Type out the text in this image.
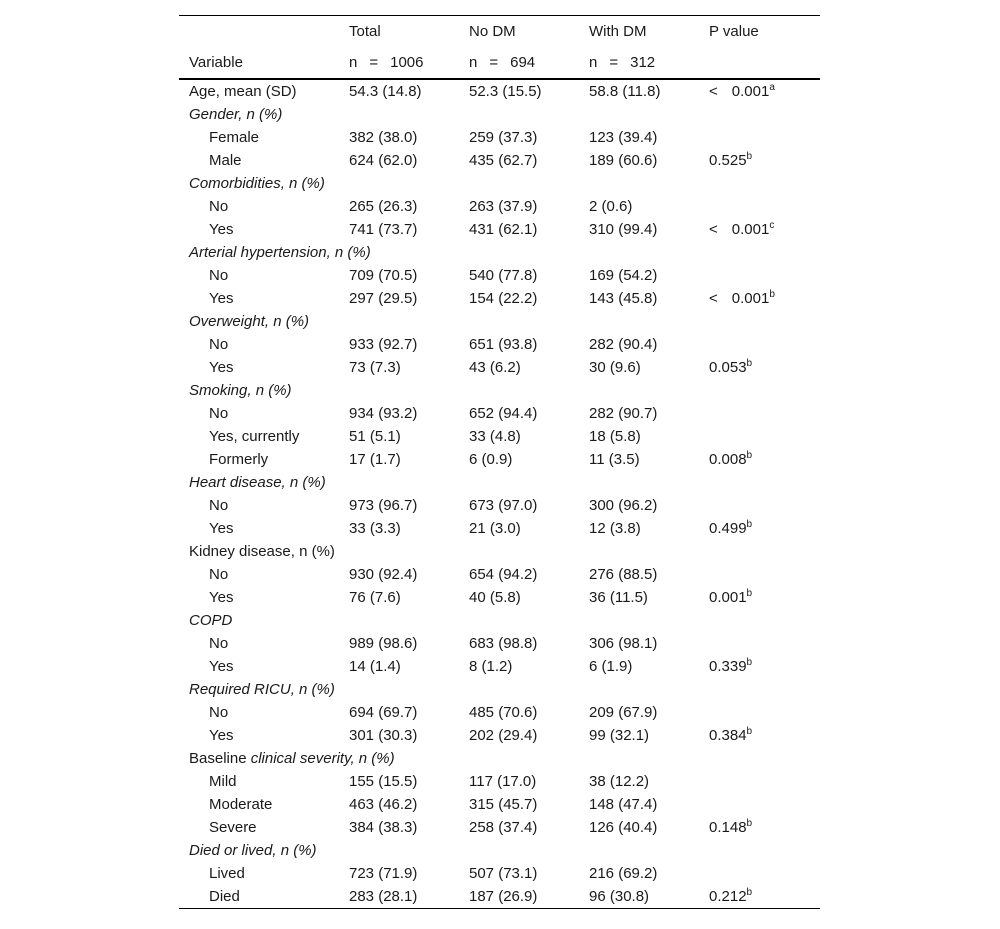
	Total	No DM	With DM	P value
Variable	n = 1006	n = 694	n = 312	
Age, mean (SD)	54.3 (14.8)	52.3 (15.5)	58.8 (11.8)	< 0.001$^a$
Gender, n (%)				
Female	382 (38.0)	259 (37.3)	123 (39.4)	
Male	624 (62.0)	435 (62.7)	189 (60.6)	0.525$^b$
Comorbidities, n (%)				
No	265 (26.3)	263 (37.9)	2 (0.6)	
Yes	741 (73.7)	431 (62.1)	310 (99.4)	< 0.001$^c$
Arterial hypertension, n (%)				
No	709 (70.5)	540 (77.8)	169 (54.2)	
Yes	297 (29.5)	154 (22.2)	143 (45.8)	< 0.001$^b$
Overweight, n (%)				
No	933 (92.7)	651 (93.8)	282 (90.4)	
Yes	73 (7.3)	43 (6.2)	30 (9.6)	0.053$^b$
Smoking, n (%)				
No	934 (93.2)	652 (94.4)	282 (90.7)	
Yes, currently	51 (5.1)	33 (4.8)	18 (5.8)	
Formerly	17 (1.7)	6 (0.9)	11 (3.5)	0.008$^b$
Heart disease, n (%)				
No	973 (96.7)	673 (97.0)	300 (96.2)	
Yes	33 (3.3)	21 (3.0)	12 (3.8)	0.499$^b$
Kidney disease, n (%)				
No	930 (92.4)	654 (94.2)	276 (88.5)	
Yes	76 (7.6)	40 (5.8)	36 (11.5)	0.001$^b$
COPD				
No	989 (98.6)	683 (98.8)	306 (98.1)	
Yes	14 (1.4)	8 (1.2)	6 (1.9)	0.339$^b$
Required RICU, n (%)				
No	694 (69.7)	485 (70.6)	209 (67.9)	
Yes	301 (30.3)	202 (29.4)	99 (32.1)	0.384$^b$
Baseline clinical severity, n (%)				
Mild	155 (15.5)	117 (17.0)	38 (12.2)	
Moderate	463 (46.2)	315 (45.7)	148 (47.4)	
Severe	384 (38.3)	258 (37.4)	126 (40.4)	0.148$^b$
Died or lived, n (%)				
Lived	723 (71.9)	507 (73.1)	216 (69.2)	
Died	283 (28.1)	187 (26.9)	96 (30.8)	0.212$^b$
